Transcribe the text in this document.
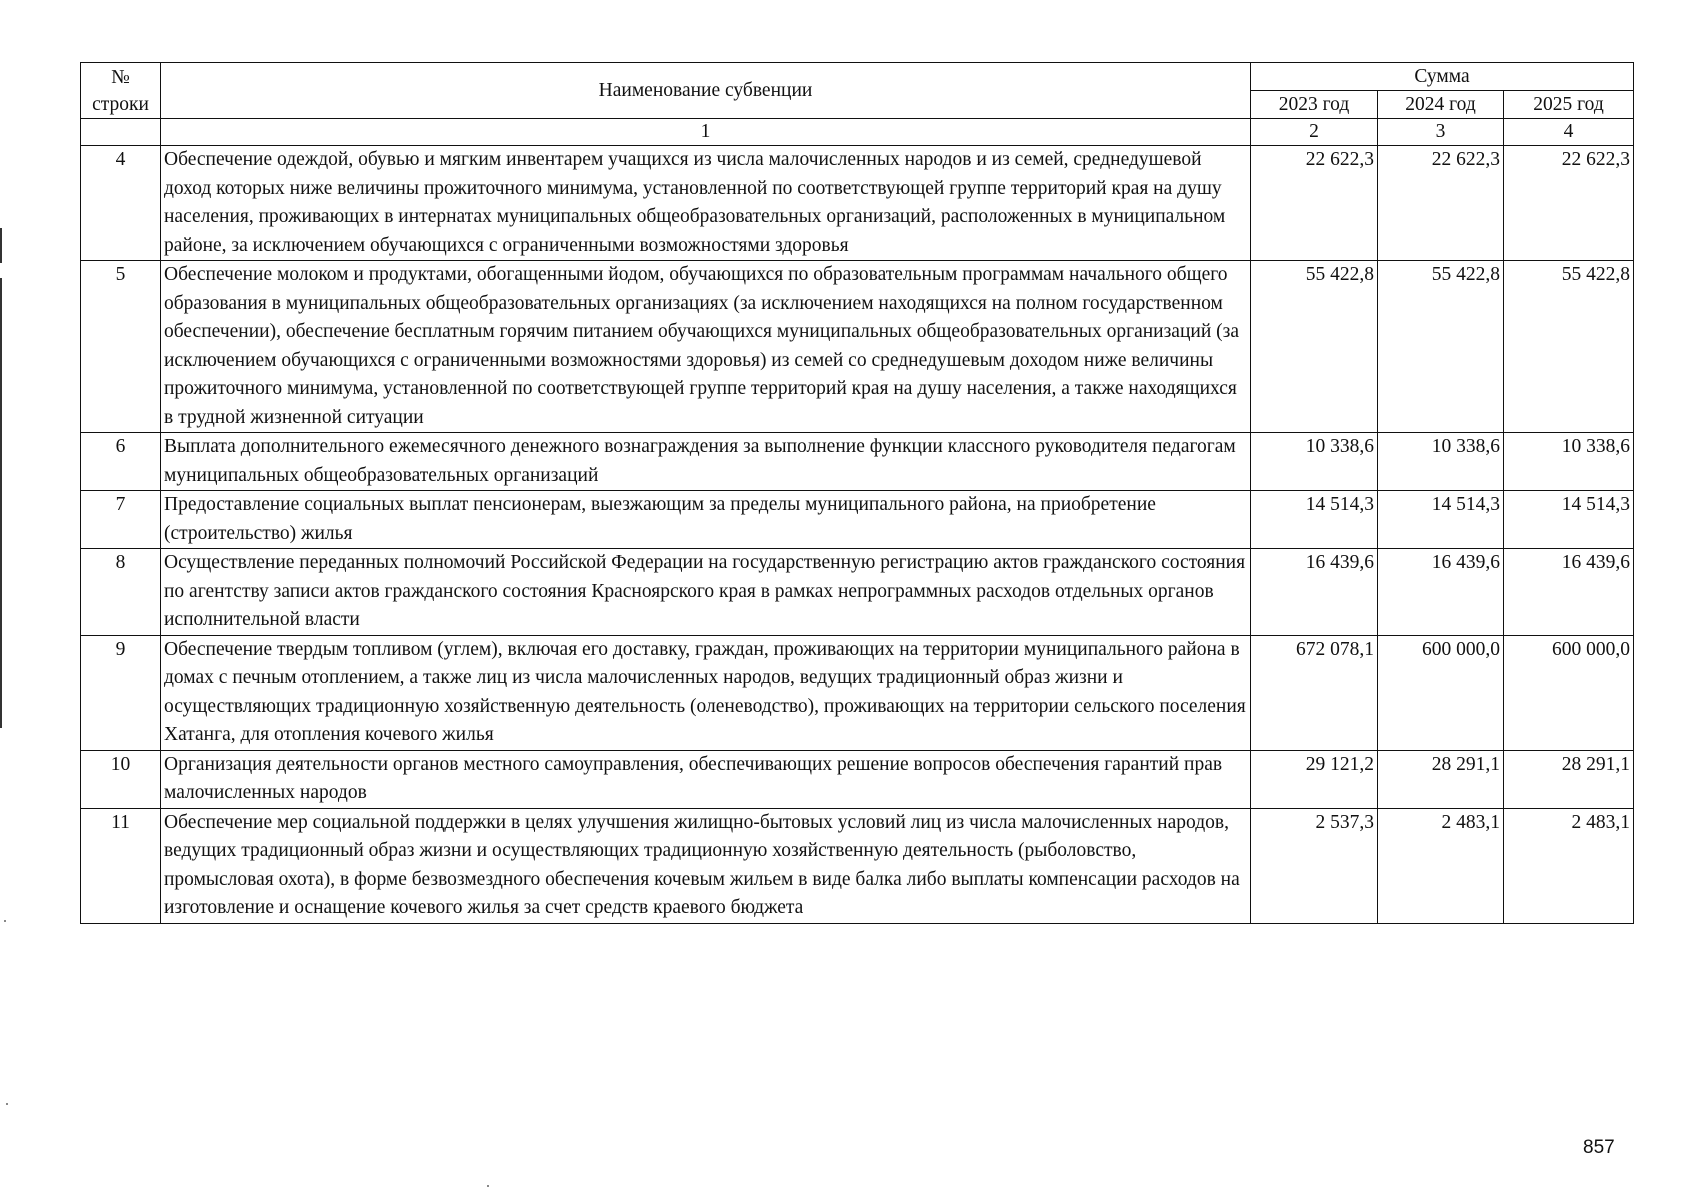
№
строки	Наименование субвенции	Сумма		
		2023 год	2024 год	2025 год
	1	2	3	4
4	Обеспечение одеждой, обувью и мягким инвентарем учащихся из числа малочисленных народов и из семей, среднедушевой доход которых ниже величины прожиточного минимума, установленной по соответствующей группе территорий края на душу населения, проживающих в интернатах муниципальных общеобразовательных организаций, расположенных в муниципальном районе, за исключением обучающихся с ограниченными возможностями здоровья	22 622,3	22 622,3	22 622,3
5	Обеспечение молоком и продуктами, обогащенными йодом, обучающихся по образовательным программам начального общего образования в муниципальных общеобразовательных организациях (за исключением находящихся на полном государственном обеспечении), обеспечение бесплатным горячим питанием обучающихся муниципальных общеобразовательных организаций (за исключением обучающихся с ограниченными возможностями здоровья) из семей со среднедушевым доходом ниже величины прожиточного минимума, установленной по соответствующей группе территорий края на душу населения, а также находящихся в трудной жизненной ситуации	55 422,8	55 422,8	55 422,8
6	Выплата дополнительного ежемесячного денежного вознаграждения за выполнение функции классного руководителя педагогам муниципальных общеобразовательных организаций	10 338,6	10 338,6	10 338,6
7	Предоставление социальных выплат пенсионерам, выезжающим за пределы муниципального района, на приобретение (строительство) жилья	14 514,3	14 514,3	14 514,3
8	Осуществление переданных полномочий Российской Федерации на государственную регистрацию актов гражданского состояния по агентству записи актов гражданского состояния Красноярского края в рамках непрограммных расходов отдельных органов исполнительной власти	16 439,6	16 439,6	16 439,6
9	Обеспечение твердым топливом (углем), включая его доставку, граждан, проживающих на территории муниципального района в домах с печным отоплением, а также лиц из числа малочисленных народов, ведущих традиционный образ жизни и осуществляющих традиционную хозяйственную деятельность (оленеводство), проживающих на территории сельского поселения Хатанга, для отопления кочевого жилья	672 078,1	600 000,0	600 000,0
10	Организация деятельности органов местного самоуправления, обеспечивающих решение вопросов обеспечения гарантий прав малочисленных народов	29 121,2	28 291,1	28 291,1
11	Обеспечение мер социальной поддержки в целях улучшения жилищно-бытовых условий лиц из числа малочисленных народов, ведущих традиционный образ жизни и осуществляющих традиционную хозяйственную деятельность (рыболовство, промысловая охота), в форме безвозмездного обеспечения кочевым жильем в виде балка либо выплаты компенсации расходов на изготовление и оснащение кочевого жилья за счет средств краевого бюджета	2 537,3	2 483,1	2 483,1
857
